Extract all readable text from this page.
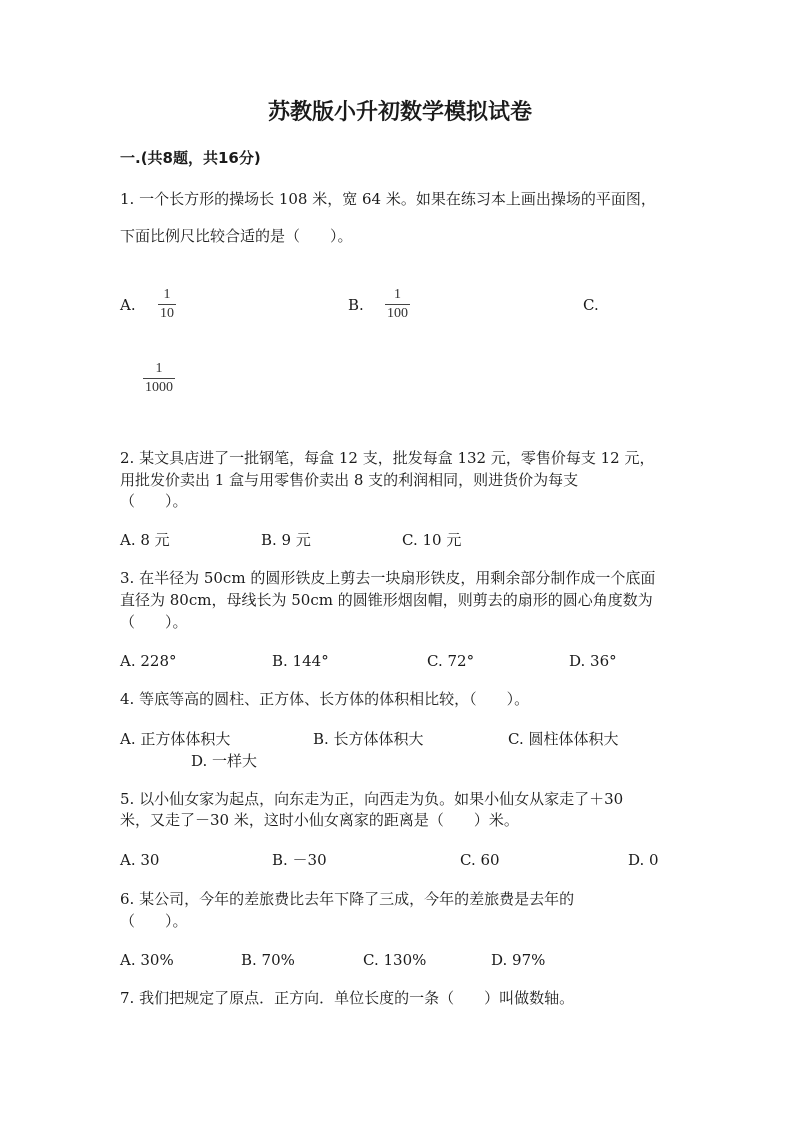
苏教版小升初数学模拟试卷
一.(共8题，共16分)
1. 一个长方形的操场长 108 米，宽 64 米。如果在练习本上画出操场的平面图，
下面比例尺比较合适的是（　　）。
A.
1
10	B.
1
100	C.
1
1000
2. 某文具店进了一批钢笔，每盒 12 支，批发每盒 132 元，零售价每支 12 元，
用批发价卖出 1 盒与用零售价卖出 8 支的利润相同，则进货价为每支
（　　）。
A. 8 元	B. 9 元	C. 10 元
3. 在半径为 50cm 的圆形铁皮上剪去一块扇形铁皮，用剩余部分制作成一个底面
直径为 80cm，母线长为 50cm 的圆锥形烟囱帽，则剪去的扇形的圆心角度数为
（　　）。
A. 228°	B. 144°	C. 72°	D. 36°
4. 等底等高的圆柱、正方体、长方体的体积相比较，（　　）。
A. 正方体体积大	B. 长方体体积大	C. 圆柱体体积大
D. 一样大
5. 以小仙女家为起点，向东走为正，向西走为负。如果小仙女从家走了＋30
米，又走了－30 米，这时小仙女离家的距离是（　　）米。
A. 30	B. －30	C. 60	D. 0
6. 某公司，今年的差旅费比去年下降了三成，今年的差旅费是去年的
（　　）。
A. 30%	B. 70%	C. 130%	D. 97%
7. 我们把规定了原点．正方向．单位长度的一条（　　）叫做数轴。
